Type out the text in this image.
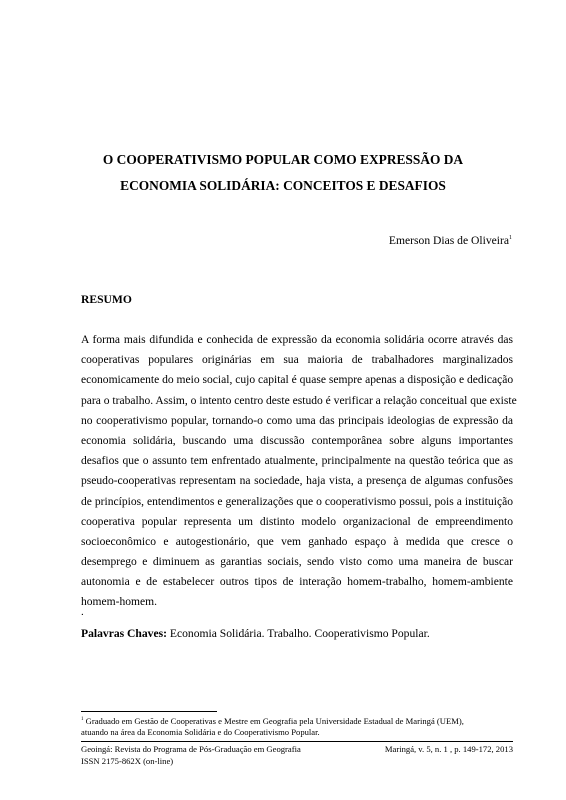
O COOPERATIVISMO POPULAR COMO EXPRESSÃO DA
ECONOMIA SOLIDÁRIA: CONCEITOS E DESAFIOS
Emerson Dias de Oliveira$^1$
RESUMO
A forma mais difundida e conhecida de expressão da economia solidária ocorre através das
cooperativas populares originárias em sua maioria de trabalhadores marginalizados
economicamente do meio social, cujo capital é quase sempre apenas a disposição e dedicação
para o trabalho. Assim, o intento centro deste estudo é verificar a relação conceitual que existe
no cooperativismo popular, tornando-o como uma das principais ideologias de expressão da
economia solidária, buscando uma discussão contemporânea sobre alguns importantes
desafios que o assunto tem enfrentado atualmente, principalmente na questão teórica que as
pseudo-cooperativas representam na sociedade, haja vista, a presença de algumas confusões
de princípios, entendimentos e generalizações que o cooperativismo possui, pois a instituição
cooperativa popular representa um distinto modelo organizacional de empreendimento
socioeconômico e autogestionário, que vem ganhado espaço à medida que cresce o
desemprego e diminuem as garantias sociais, sendo visto como uma maneira de buscar
autonomia e de estabelecer outros tipos de interação homem-trabalho, homem-ambiente
homem-homem.
.
Palavras Chaves: Economia Solidária. Trabalho. Cooperativismo Popular.
$^1$ Graduado em Gestão de Cooperativas e Mestre em Geografia pela Universidade Estadual de Maringá (UEM),
atuando na área da Economia Solidária e do Cooperativismo Popular.
Geoingá: Revista do Programa de Pós-Graduação em Geografia	Maringá, v. 5, n. 1 , p. 149-172, 2013
ISSN 2175-862X (on-line)
